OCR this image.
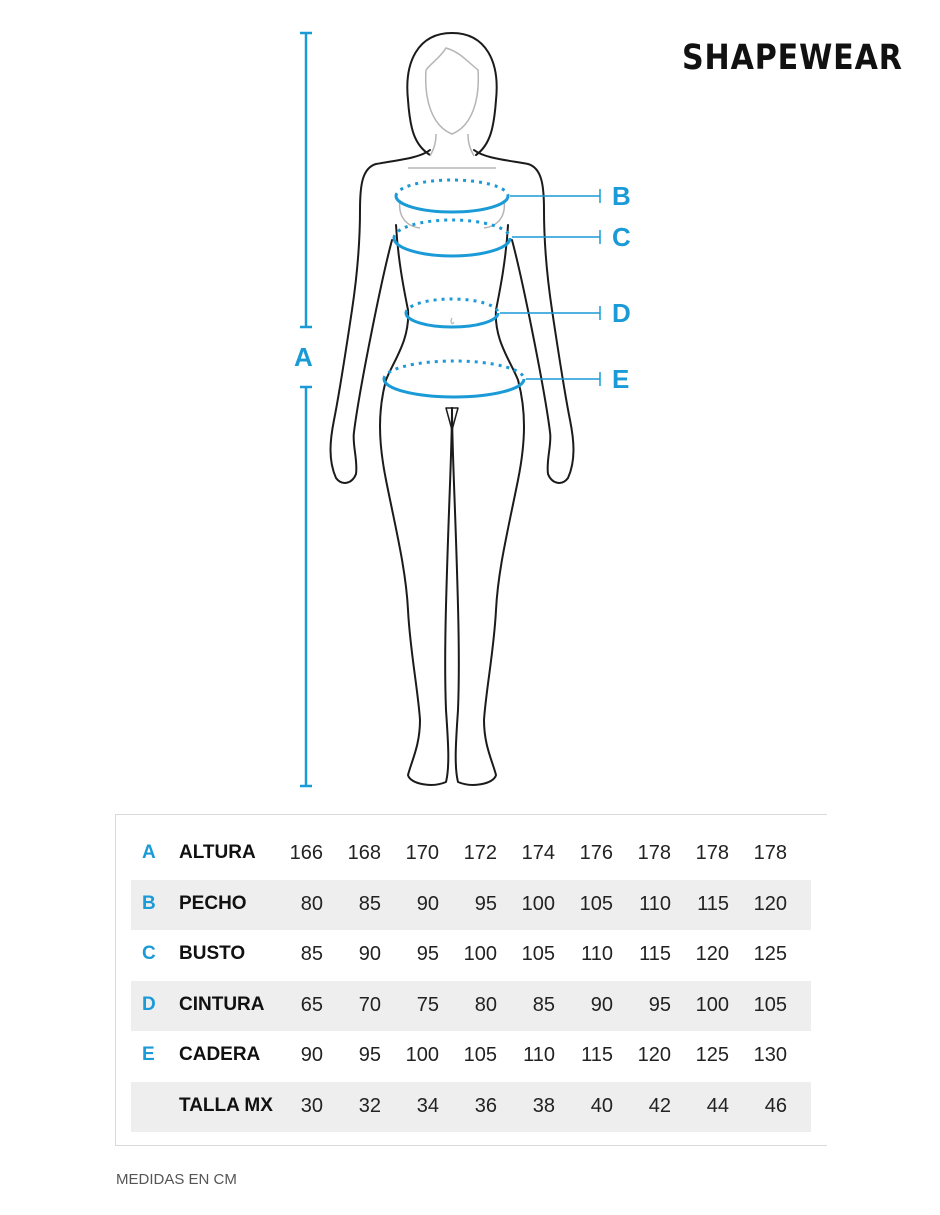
SHAPEWEAR
A
B
C
D
E
A ALTURA	166	168	170	172	174	176	178	178	178
B PECHO	80	85	90	95	100	105	110	115	120
C BUSTO	85	90	95	100	105	110	115	120	125
D CINTURA	65	70	75	80	85	90	95	100	105
E CADERA	90	95	100	105	110	115	120	125	130
TALLA MX	30	32	34	36	38	40	42	44	46
MEDIDAS EN CM
